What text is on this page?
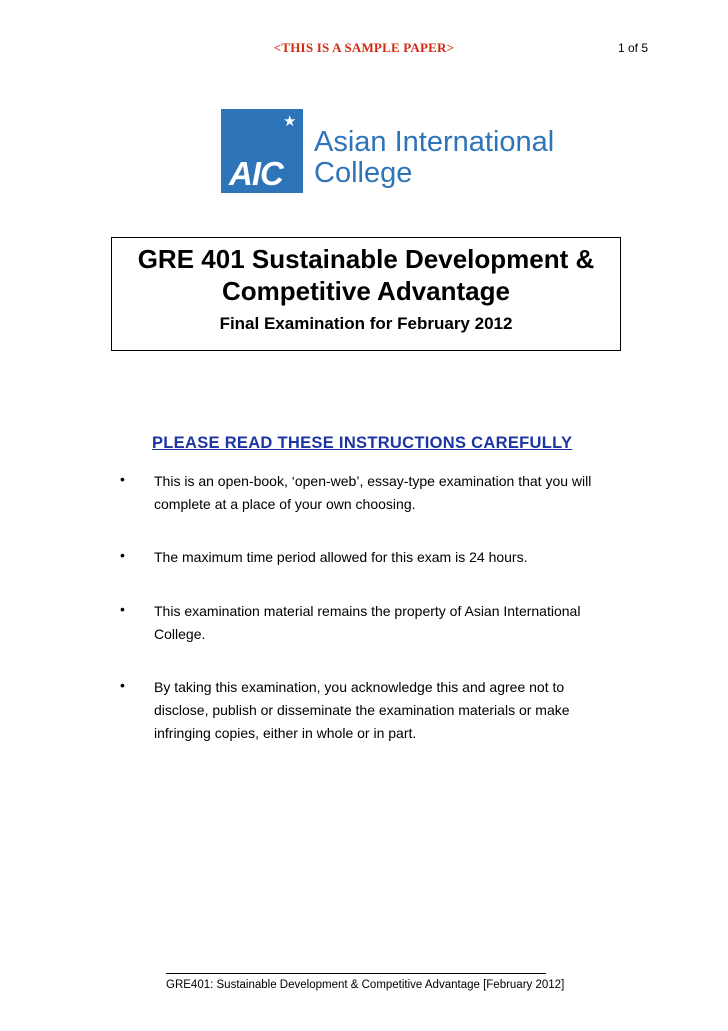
<THIS IS A SAMPLE PAPER>	1 of 5
★
AIC
Asian International
College
GRE 401 Sustainable Development &
Competitive Advantage
Final Examination for February 2012
PLEASE READ THESE INSTRUCTIONS CAREFULLY
• This is an open-book, ‘open-web’, essay-type examination that you will complete at a place of your own choosing.
• The maximum time period allowed for this exam is 24 hours.
• This examination material remains the property of Asian International College.
• By taking this examination, you acknowledge this and agree not to disclose, publish or disseminate the examination materials or make infringing copies, either in whole or in part.
GRE401: Sustainable Development & Competitive Advantage [February 2012]
